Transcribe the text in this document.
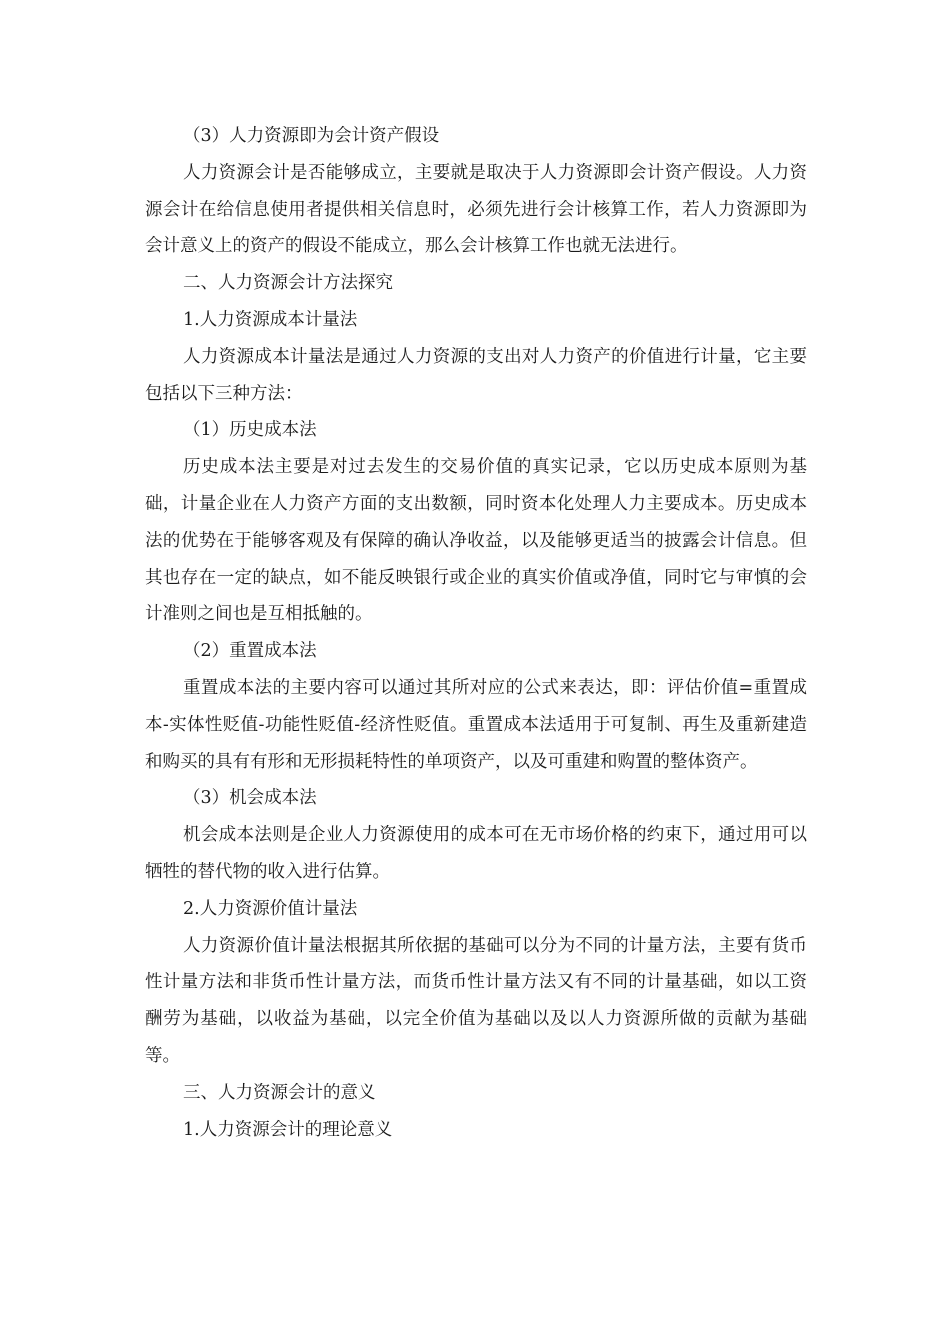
（3）人力资源即为会计资产假设

人力资源会计是否能够成立，主要就是取决于人力资源即会计资产假设。人力资源会计在给信息使用者提供相关信息时，必须先进行会计核算工作，若人力资源即为会计意义上的资产的假设不能成立，那么会计核算工作也就无法进行。

二、人力资源会计方法探究

1.人力资源成本计量法

人力资源成本计量法是通过人力资源的支出对人力资产的价值进行计量，它主要包括以下三种方法：

（1）历史成本法

历史成本法主要是对过去发生的交易价值的真实记录，它以历史成本原则为基础，计量企业在人力资产方面的支出数额，同时资本化处理人力主要成本。历史成本法的优势在于能够客观及有保障的确认净收益，以及能够更适当的披露会计信息。但其也存在一定的缺点，如不能反映银行或企业的真实价值或净值，同时它与审慎的会计准则之间也是互相抵触的。

（2）重置成本法

重置成本法的主要内容可以通过其所对应的公式来表达，即：评估价值=重置成本-实体性贬值-功能性贬值-经济性贬值。重置成本法适用于可复制、再生及重新建造和购买的具有有形和无形损耗特性的单项资产，以及可重建和购置的整体资产。

（3）机会成本法

机会成本法则是企业人力资源使用的成本可在无市场价格的约束下，通过用可以牺牲的替代物的收入进行估算。

2.人力资源价值计量法

人力资源价值计量法根据其所依据的基础可以分为不同的计量方法，主要有货币性计量方法和非货币性计量方法，而货币性计量方法又有不同的计量基础，如以工资酬劳为基础，以收益为基础，以完全价值为基础以及以人力资源所做的贡献为基础等。

三、人力资源会计的意义

1.人力资源会计的理论意义
